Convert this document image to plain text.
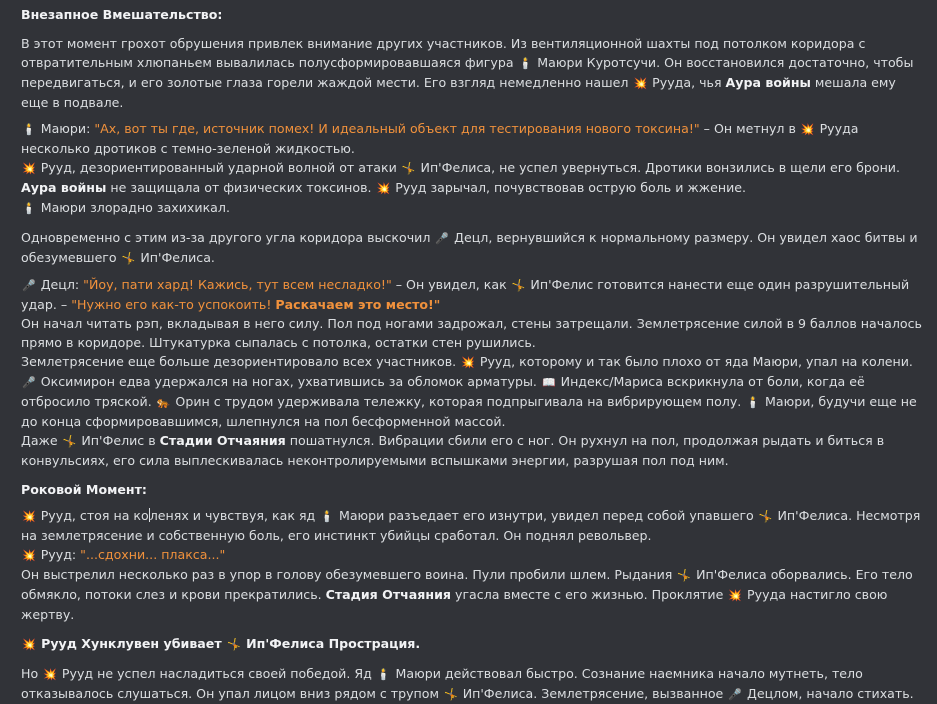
Внезапное Вмешательство:

В этот момент грохот обрушения привлек внимание других участников. Из вентиляционной шахты под потолком коридора с отвратительным хлюпаньем вывалилась полусформировавшаяся фигура 🕯️ Маюри Куротсучи. Он восстановился достаточно, чтобы передвигаться, и его золотые глаза горели жаждой мести. Его взгляд немедленно нашел 💥 Рууда, чья Аура войны мешала ему еще в подвале.

🕯️ Маюри: "Ах, вот ты где, источник помех! И идеальный объект для тестирования нового токсина!" – Он метнул в 💥 Рууда несколько дротиков с темно-зеленой жидкостью.

💥 Рууд, дезориентированный ударной волной от атаки 🤸 Ип'Фелиса, не успел увернуться. Дротики вонзились в щели его брони. Аура войны не защищала от физических токсинов. 💥 Рууд зарычал, почувствовав острую боль и жжение.

🕯️ Маюри злорадно захихикал.

Одновременно с этим из-за другого угла коридора выскочил 🎤 Децл, вернувшийся к нормальному размеру. Он увидел хаос битвы и обезумевшего 🤸 Ип'Фелиса.

🎤 Децл: "Йоу, пати хард! Кажись, тут всем несладко!" – Он увидел, как 🤸 Ип'Фелис готовится нанести еще один разрушительный удар. – "Нужно его как-то успокоить! Раскачаем это место!"

Он начал читать рэп, вкладывая в него силу. Пол под ногами задрожал, стены затрещали. Землетрясение силой в 9 баллов началось прямо в коридоре. Штукатурка сыпалась с потолка, остатки стен рушились.

Землетрясение еще больше дезориентировало всех участников. 💥 Рууд, которому и так было плохо от яда Маюри, упал на колени. 🎤 Оксимирон едва удержался на ногах, ухватившись за обломок арматуры. 📖 Индекс/Мариса вскрикнула от боли, когда её отбросило тряской. 🐅 Орин с трудом удерживала тележку, которая подпрыгивала на вибрирующем полу. 🕯️ Маюри, будучи еще не до конца сформировавшимся, шлепнулся на пол бесформенной массой.

Даже 🤸 Ип'Фелис в Стадии Отчаяния пошатнулся. Вибрации сбили его с ног. Он рухнул на пол, продолжая рыдать и биться в конвульсиях, его сила выплескивалась неконтролируемыми вспышками энергии, разрушая пол под ним.

Роковой Момент:

💥 Рууд, стоя на коленях и чувствуя, как яд 🕯️ Маюри разъедает его изнутри, увидел перед собой упавшего 🤸 Ип'Фелиса. Несмотря на землетрясение и собственную боль, его инстинкт убийцы сработал. Он поднял револьвер.

💥 Рууд: "...сдохни... плакса..."

Он выстрелил несколько раз в упор в голову обезумевшего воина. Пули пробили шлем. Рыдания 🤸 Ип'Фелиса оборвались. Его тело обмякло, потоки слез и крови прекратились. Стадия Отчаяния угасла вместе с его жизнью. Проклятие 💥 Рууда настигло свою жертву.

💥 Рууд Хунклувен убивает 🤸 Ип'Фелиса Прострация.

Но 💥 Рууд не успел насладиться своей победой. Яд 🕯️ Маюри действовал быстро. Сознание наемника начало мутнеть, тело отказывалось слушаться. Он упал лицом вниз рядом с трупом 🤸 Ип'Фелиса. Землетрясение, вызванное 🎤 Децлом, начало стихать.
